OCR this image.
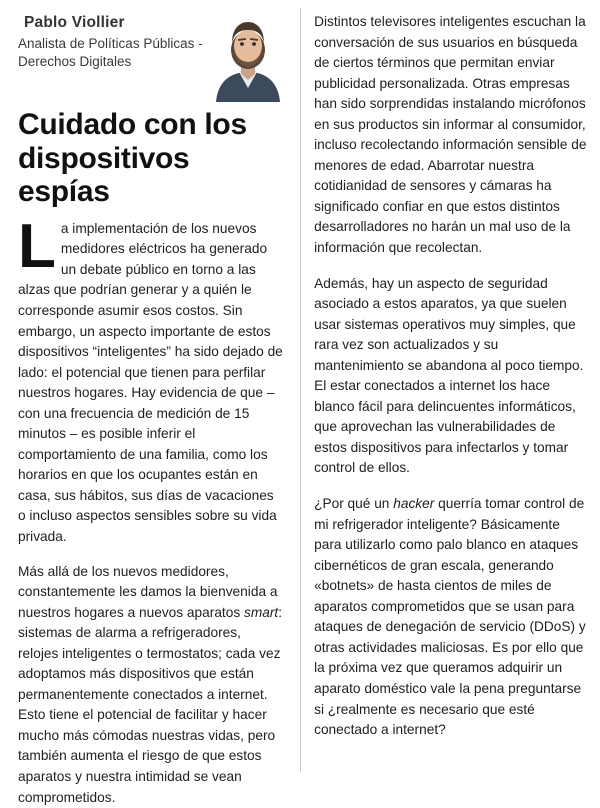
Pablo Viollier
Analista de Políticas Públicas - Derechos Digitales
Cuidado con los dispositivos espías

La implementación de los nuevos medidores eléctricos ha generado un debate público en torno a las alzas que podrían generar y a quién le corresponde asumir esos costos. Sin embargo, un aspecto importante de estos dispositivos “inteligentes” ha sido dejado de lado: el potencial que tienen para perfilar nuestros hogares. Hay evidencia de que – con una frecuencia de medición de 15 minutos – es posible inferir el comportamiento de una familia, como los horarios en que los ocupantes están en casa, sus hábitos, sus días de vacaciones o incluso aspectos sensibles sobre su vida privada.

Más allá de los nuevos medidores, constantemente les damos la bienvenida a nuestros hogares a nuevos aparatos smart: sistemas de alarma a refrigeradores, relojes inteligentes o termostatos; cada vez adoptamos más dispositivos que están permanentemente conectados a internet. Esto tiene el potencial de facilitar y hacer mucho más cómodas nuestras vidas, pero también aumenta el riesgo de que estos aparatos y nuestra intimidad se vean comprometidos.

Distintos televisores inteligentes escuchan la conversación de sus usuarios en búsqueda de ciertos términos que permitan enviar publicidad personalizada. Otras empresas han sido sorprendidas instalando micrófonos en sus productos sin informar al consumidor, incluso recolectando información sensible de menores de edad. Abarrotar nuestra cotidianidad de sensores y cámaras ha significado confiar en que estos distintos desarrolladores no harán un mal uso de la información que recolectan.

Además, hay un aspecto de seguridad asociado a estos aparatos, ya que suelen usar sistemas operativos muy simples, que rara vez son actualizados y su mantenimiento se abandona al poco tiempo. El estar conectados a internet los hace blanco fácil para delincuentes informáticos, que aprovechan las vulnerabilidades de estos dispositivos para infectarlos y tomar control de ellos.

¿Por qué un hacker querría tomar control de mi refrigerador inteligente? Básicamente para utilizarlo como palo blanco en ataques cibernéticos de gran escala, generando «botnets» de hasta cientos de miles de aparatos comprometidos que se usan para ataques de denegación de servicio (DDoS) y otras actividades maliciosas. Es por ello que la próxima vez que queramos adquirir un aparato doméstico vale la pena preguntarse si ¿realmente es necesario que esté conectado a internet?
